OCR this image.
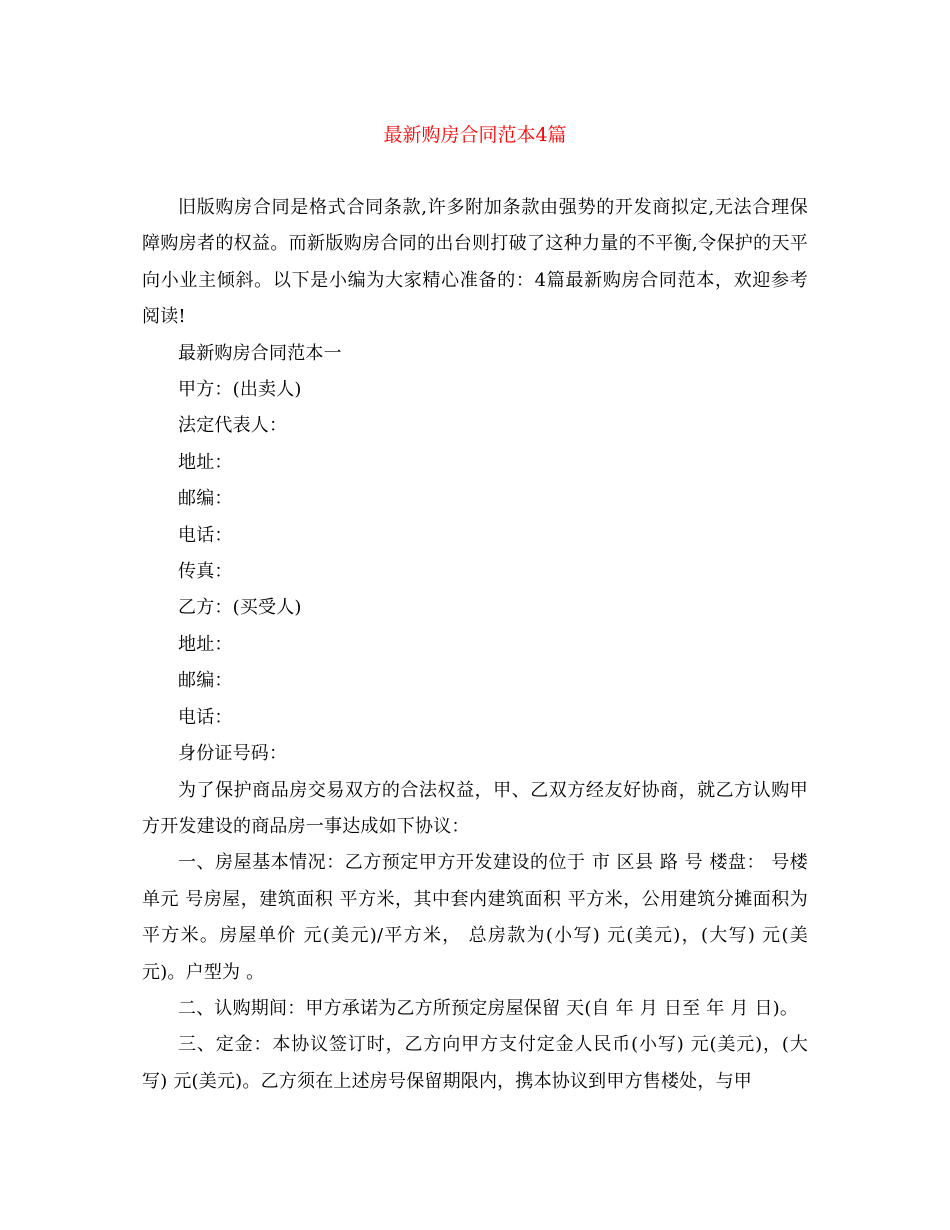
最新购房合同范本4篇

旧版购房合同是格式合同条款,许多附加条款由强势的开发商拟定,无法合理保障购房者的权益。而新版购房合同的出台则打破了这种力量的不平衡,令保护的天平向小业主倾斜。以下是小编为大家精心准备的：4篇最新购房合同范本，欢迎参考阅读!

最新购房合同范本一

甲方：(出卖人)

法定代表人：

地址：

邮编：

电话：

传真：

乙方：(买受人)

地址：

邮编：

电话：

身份证号码：

为了保护商品房交易双方的合法权益，甲、乙双方经友好协商，就乙方认购甲方开发建设的商品房一事达成如下协议：

一、房屋基本情况：乙方预定甲方开发建设的位于 市 区县 路 号 楼盘： 号楼 单元 号房屋，建筑面积 平方米，其中套内建筑面积 平方米，公用建筑分摊面积为 平方米。房屋单价 元(美元)/平方米， 总房款为(小写) 元(美元)，(大写) 元(美元)。户型为 。

二、认购期间：甲方承诺为乙方所预定房屋保留 天(自 年 月 日至 年 月 日)。

三、定金：本协议签订时，乙方向甲方支付定金人民币(小写) 元(美元)，(大写) 元(美元)。乙方须在上述房号保留期限内，携本协议到甲方售楼处，与甲
